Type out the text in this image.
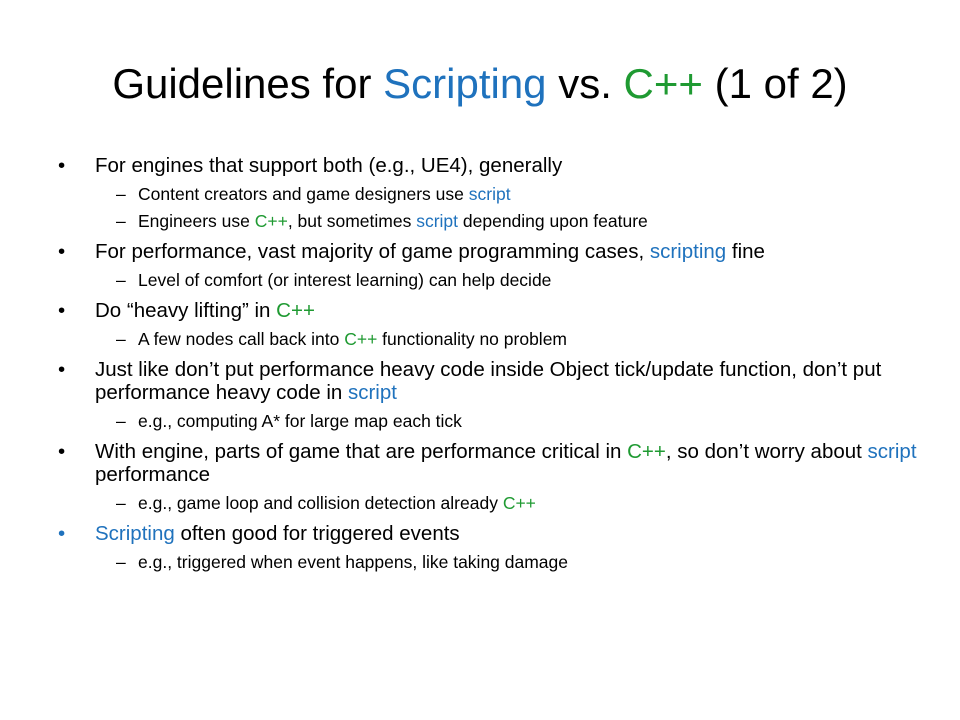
Guidelines for Scripting vs. C++ (1 of 2)
• For engines that support both (e.g., UE4), generally
– Content creators and game designers use script
– Engineers use C++, but sometimes script depending upon feature
• For performance, vast majority of game programming cases, scripting fine
– Level of comfort (or interest learning) can help decide
• Do “heavy lifting” in C++
– A few nodes call back into C++ functionality no problem
• Just like don’t put performance heavy code inside Object tick/update function, don’t put performance heavy code in script
– e.g., computing A* for large map each tick
• With engine, parts of game that are performance critical in C++, so don’t worry about script performance
– e.g., game loop and collision detection already C++
• Scripting often good for triggered events
– e.g., triggered when event happens, like taking damage
